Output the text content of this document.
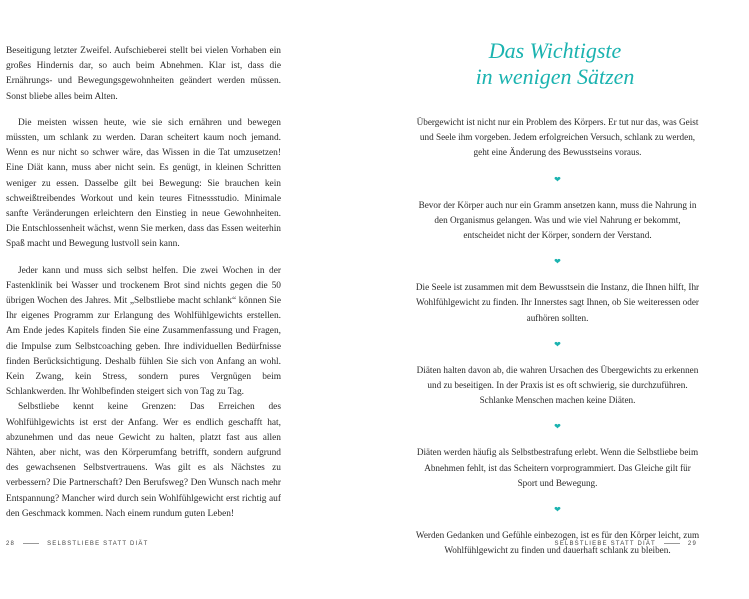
Beseitigung letzter Zweifel. Aufschieberei stellt bei vielen Vorhaben ein großes Hindernis dar, so auch beim Abnehmen. Klar ist, dass die Ernährungs- und Bewegungsgewohnheiten geändert werden müssen. Sonst bliebe alles beim Alten.

Die meisten wissen heute, wie sie sich ernähren und bewegen müssten, um schlank zu werden. Daran scheitert kaum noch jemand. Wenn es nur nicht so schwer wäre, das Wissen in die Tat umzusetzen! Eine Diät kann, muss aber nicht sein. Es genügt, in kleinen Schritten weniger zu essen. Dasselbe gilt bei Bewegung: Sie brauchen kein schweißtreibendes Workout und kein teures Fitnessstudio. Minimale sanfte Veränderungen erleichtern den Einstieg in neue Gewohnheiten. Die Entschlossenheit wächst, wenn Sie merken, dass das Essen weiterhin Spaß macht und Bewegung lustvoll sein kann.

Jeder kann und muss sich selbst helfen. Die zwei Wochen in der Fastenklinik bei Wasser und trockenem Brot sind nichts gegen die 50 übrigen Wochen des Jahres. Mit „Selbstliebe macht schlank“ können Sie Ihr eigenes Programm zur Erlangung des Wohlfühlgewichts erstellen. Am Ende jedes Kapitels finden Sie eine Zusammenfassung und Fragen, die Impulse zum Selbstcoaching geben. Ihre individuellen Bedürfnisse finden Berücksichtigung. Deshalb fühlen Sie sich von Anfang an wohl. Kein Zwang, kein Stress, sondern pures Vergnügen beim Schlankwerden. Ihr Wohlbefinden steigert sich von Tag zu Tag.

Selbstliebe kennt keine Grenzen: Das Erreichen des Wohlfühlgewichts ist erst der Anfang. Wer es endlich geschafft hat, abzunehmen und das neue Gewicht zu halten, platzt fast aus allen Nähten, aber nicht, was den Körperumfang betrifft, sondern aufgrund des gewachsenen Selbstvertrauens. Was gilt es als Nächstes zu verbessern? Die Partnerschaft? Den Berufsweg? Den Wunsch nach mehr Entspannung? Mancher wird durch sein Wohlfühlgewicht erst richtig auf den Geschmack kommen. Nach einem rundum guten Leben!

28	SELBSTLIEBE STATT DIÄT
Das Wichtigste
in wenigen Sätzen

Übergewicht ist nicht nur ein Problem des Körpers. Er tut nur das, was Geist und Seele ihm vorgeben. Jedem erfolgreichen Versuch, schlank zu werden, geht eine Änderung des Bewusstseins voraus.

❤

Bevor der Körper auch nur ein Gramm ansetzen kann, muss die Nahrung in den Organismus gelangen. Was und wie viel Nahrung er bekommt, entscheidet nicht der Körper, sondern der Verstand.

❤

Die Seele ist zusammen mit dem Bewusstsein die Instanz, die Ihnen hilft, Ihr Wohlfühlgewicht zu finden. Ihr Innerstes sagt Ihnen, ob Sie weiteressen oder aufhören sollten.

❤

Diäten halten davon ab, die wahren Ursachen des Übergewichts zu erkennen und zu beseitigen. In der Praxis ist es oft schwierig, sie durchzuführen. Schlanke Menschen machen keine Diäten.

❤

Diäten werden häufig als Selbstbestrafung erlebt. Wenn die Selbstliebe beim Abnehmen fehlt, ist das Scheitern vorprogrammiert. Das Gleiche gilt für Sport und Bewegung.

❤

Werden Gedanken und Gefühle einbezogen, ist es für den Körper leicht, zum Wohlfühlgewicht zu finden und dauerhaft schlank zu bleiben.

SELBSTLIEBE STATT DIÄT	29
